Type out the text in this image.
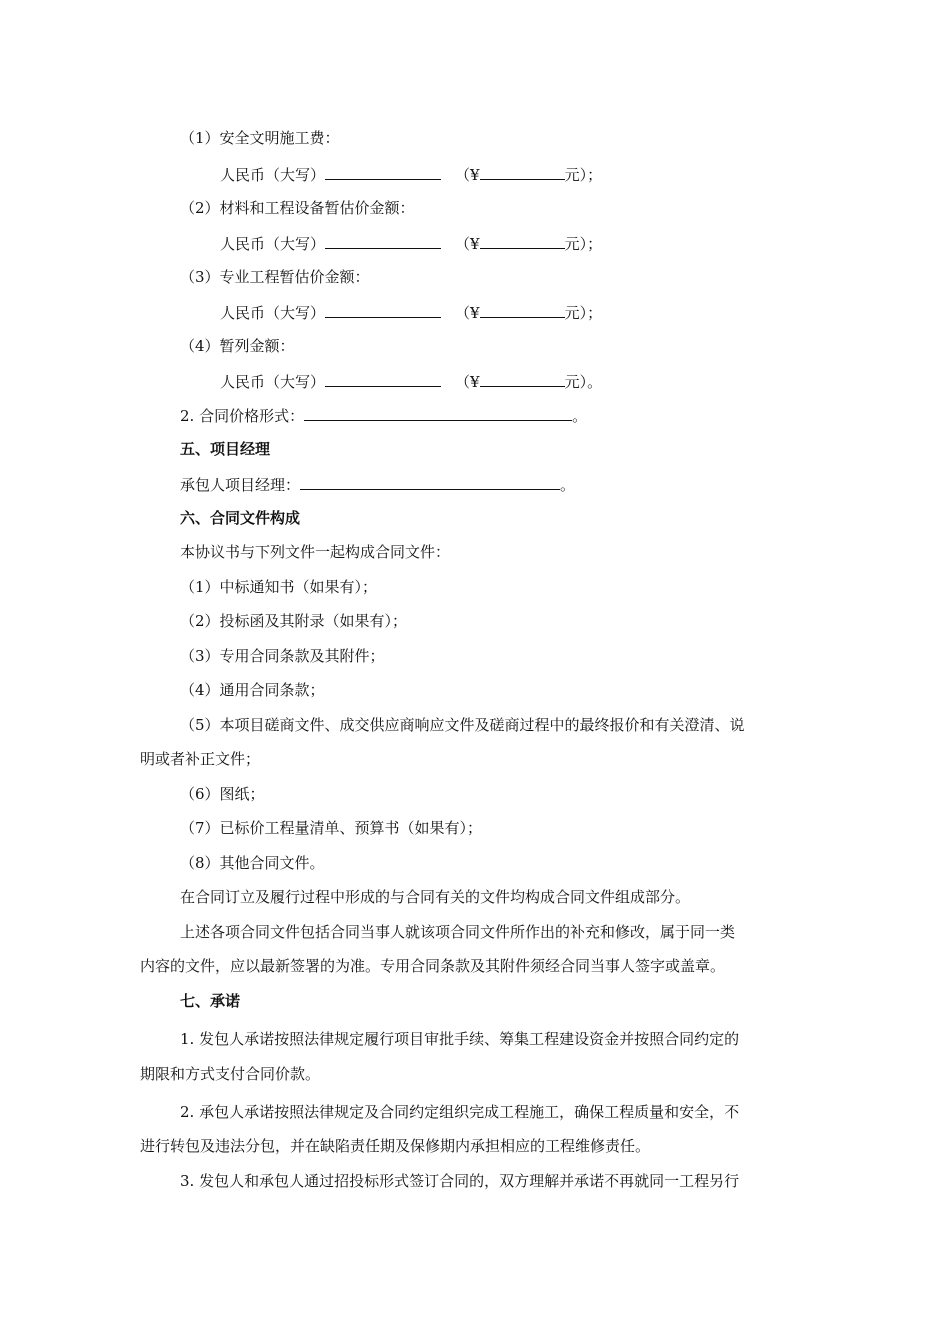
（1）安全文明施工费：
人民币（大写）	（¥	元）；
（2）材料和工程设备暂估价金额：
人民币（大写）	（¥	元）；
（3）专业工程暂估价金额：
人民币（大写）	（¥	元）；
（4）暂列金额：
人民币（大写）	（¥	元）。
2. 合同价格形式：	。
五、项目经理
承包人项目经理：	。
六、合同文件构成
本协议书与下列文件一起构成合同文件：
（1）中标通知书（如果有）；
（2）投标函及其附录（如果有）；
（3）专用合同条款及其附件；
（4）通用合同条款；
（5）本项目磋商文件、成交供应商响应文件及磋商过程中的最终报价和有关澄清、说
明或者补正文件；
（6）图纸；
（7）已标价工程量清单、预算书（如果有）；
（8）其他合同文件。
在合同订立及履行过程中形成的与合同有关的文件均构成合同文件组成部分。
上述各项合同文件包括合同当事人就该项合同文件所作出的补充和修改，属于同一类
内容的文件，应以最新签署的为准。专用合同条款及其附件须经合同当事人签字或盖章。
七、承诺
1. 发包人承诺按照法律规定履行项目审批手续、筹集工程建设资金并按照合同约定的
期限和方式支付合同价款。
2. 承包人承诺按照法律规定及合同约定组织完成工程施工，确保工程质量和安全，不
进行转包及违法分包，并在缺陷责任期及保修期内承担相应的工程维修责任。
3. 发包人和承包人通过招投标形式签订合同的，双方理解并承诺不再就同一工程另行
